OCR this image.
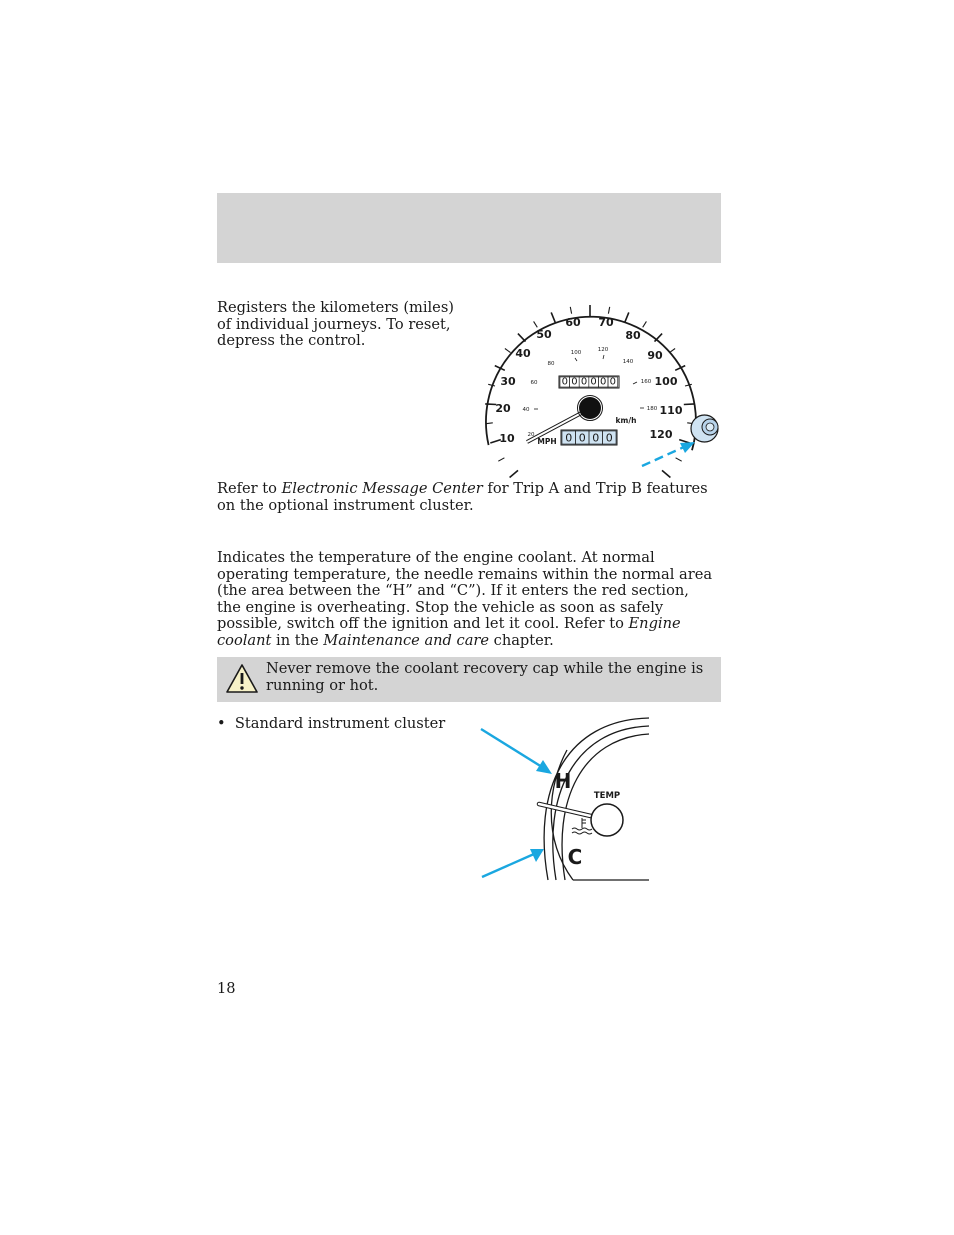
Registers the kilometers (miles) of individual journeys. To reset, depress the control.

10
20
30
40
50
60 70
80
90
100
110
120
20
40
60
80
100	120
140
160
180
km/h
0 0 0 0 0 0
0 0 0 0
MPH

Refer to Electronic Message Center for Trip A and Trip B features on the optional instrument cluster.

Indicates the temperature of the engine coolant. At normal operating temperature, the needle remains within the normal area (the area between the “H” and “C”). If it enters the red section, the engine is overheating. Stop the vehicle as soon as safely possible, switch off the ignition and let it cool. Refer to Engine coolant in the Maintenance and care chapter.

Never remove the coolant recovery cap while the engine is running or hot.

• Standard instrument cluster

H
TEMP
C
18
